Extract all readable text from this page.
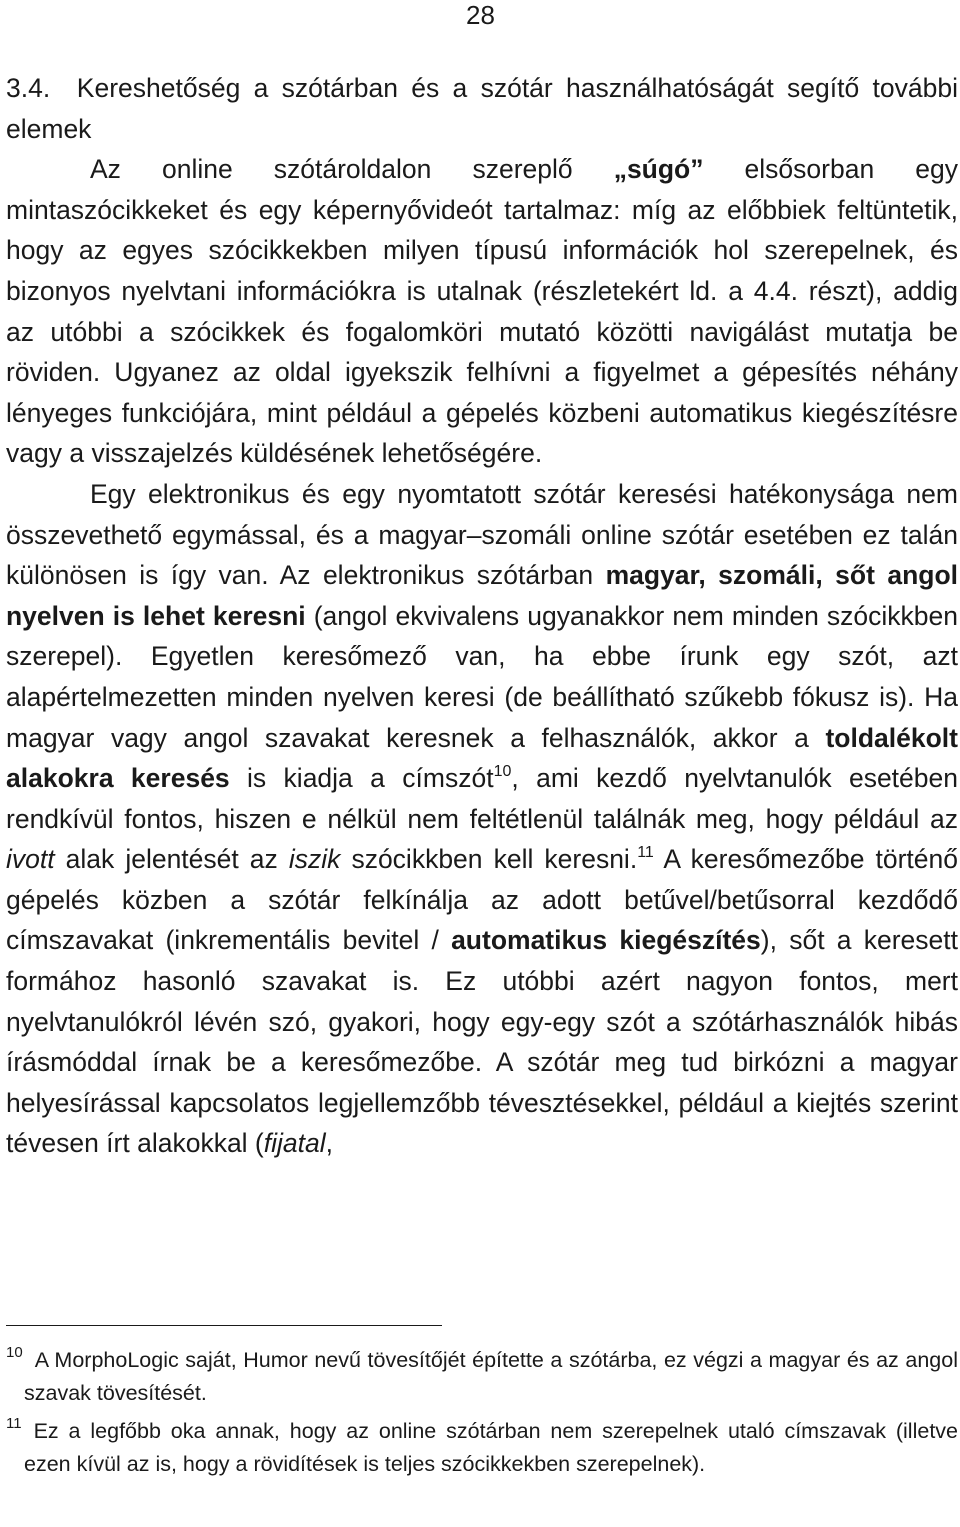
28

3.4. Kereshetőség a szótárban és a szótár használhatóságát segítő további elemek

Az online szótároldalon szereplő „súgó” elsősorban egy mintaszócikkeket és egy képernyővideót tartalmaz: míg az előbbiek feltüntetik, hogy az egyes szócikkekben milyen típusú információk hol szerepelnek, és bizonyos nyelvtani információkra is utalnak (részletekért ld. a 4.4. részt), addig az utóbbi a szócikkek és fogalomköri mutató közötti navigálást mutatja be röviden. Ugyanez az oldal igyekszik felhívni a figyelmet a gépesítés néhány lényeges funkciójára, mint például a gépelés közbeni automatikus kiegészítésre vagy a visszajelzés küldésének lehetőségére.

Egy elektronikus és egy nyomtatott szótár keresési hatékonysága nem összevethető egymással, és a magyar–szomáli online szótár esetében ez talán különösen is így van. Az elektronikus szótárban magyar, szomáli, sőt angol nyelven is lehet keresni (angol ekvivalens ugyanakkor nem minden szócikkben szerepel). Egyetlen keresőmező van, ha ebbe írunk egy szót, azt alapértelmezetten minden nyelven keresi (de beállítható szűkebb fókusz is). Ha magyar vagy angol szavakat keresnek a felhasználók, akkor a toldalékolt alakokra keresés is kiadja a címszót$^{10}$, ami kezdő nyelvtanulók esetében rendkívül fontos, hiszen e nélkül nem feltétlenül találnák meg, hogy például az ivott alak jelentését az iszik szócikkben kell keresni.$^{11}$ A keresőmezőbe történő gépelés közben a szótár felkínálja az adott betűvel/betűsorral kezdődő címszavakat (inkrementális bevitel / automatikus kiegészítés), sőt a keresett formához hasonló szavakat is. Ez utóbbi azért nagyon fontos, mert nyelvtanulókról lévén szó, gyakori, hogy egy-egy szót a szótárhasználók hibás írásmóddal írnak be a keresőmezőbe. A szótár meg tud birkózni a magyar helyesírással kapcsolatos legjellemzőbb tévesztésekkel, például a kiejtés szerint tévesen írt alakokkal (fijatal,

$^{10}$ A MorphoLogic saját, Humor nevű tövesítőjét építette a szótárba, ez végzi a magyar és az angol szavak tövesítését.

$^{11}$ Ez a legfőbb oka annak, hogy az online szótárban nem szerepelnek utaló címszavak (illetve ezen kívül az is, hogy a rövidítések is teljes szócikkekben szerepelnek).
